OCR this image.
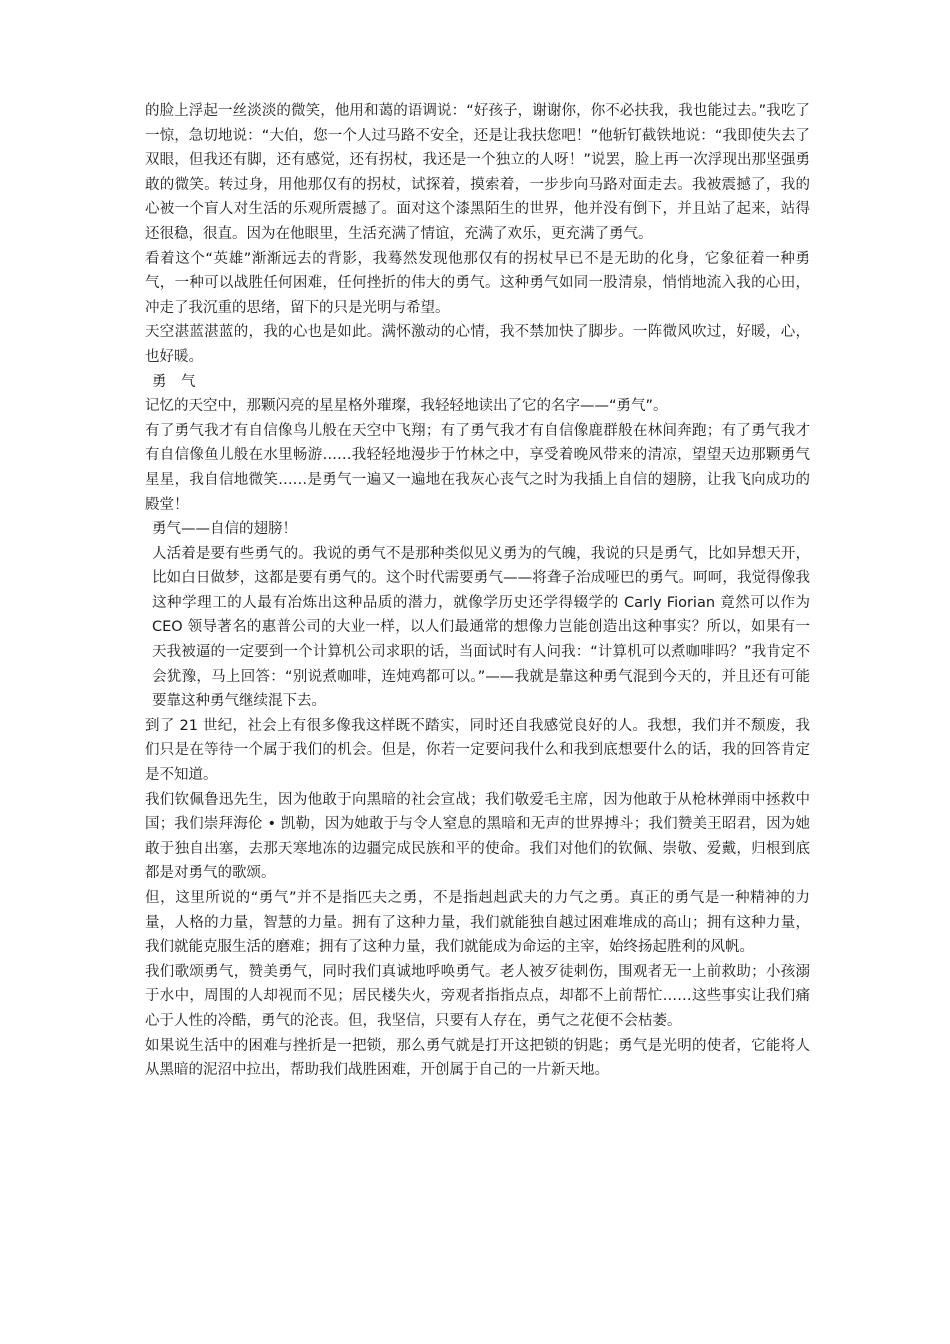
的脸上浮起一丝淡淡的微笑，他用和蔼的语调说：“好孩子，谢谢你，你不必扶我，我也能过去。”我吃了一惊，急切地说：“大伯，您一个人过马路不安全，还是让我扶您吧！”他斩钉截铁地说：“我即使失去了双眼，但我还有脚，还有感觉，还有拐杖，我还是一个独立的人呀！”说罢，脸上再一次浮现出那坚强勇敢的微笑。转过身，用他那仅有的拐杖，试探着，摸索着，一步步向马路对面走去。我被震撼了，我的心被一个盲人对生活的乐观所震撼了。面对这个漆黑陌生的世界，他并没有倒下，并且站了起来，站得还很稳，很直。因为在他眼里，生活充满了情谊，充满了欢乐，更充满了勇气。

看着这个“英雄”渐渐远去的背影，我蓦然发现他那仅有的拐杖早已不是无助的化身，它象征着一种勇气，一种可以战胜任何困难，任何挫折的伟大的勇气。这种勇气如同一股清泉，悄悄地流入我的心田，冲走了我沉重的思绪，留下的只是光明与希望。

天空湛蓝湛蓝的，我的心也是如此。满怀激动的心情，我不禁加快了脚步。一阵微风吹过，好暖，心，也好暖。

勇　气

记忆的天空中，那颗闪亮的星星格外璀璨，我轻轻地读出了它的名字——“勇气”。

有了勇气我才有自信像鸟儿般在天空中飞翔；有了勇气我才有自信像鹿群般在林间奔跑；有了勇气我才有自信像鱼儿般在水里畅游……我轻轻地漫步于竹林之中，享受着晚风带来的清凉，望望天边那颗勇气星星，我自信地微笑……是勇气一遍又一遍地在我灰心丧气之时为我插上自信的翅膀，让我飞向成功的殿堂！

勇气——自信的翅膀！

人活着是要有些勇气的。我说的勇气不是那种类似见义勇为的气魄，我说的只是勇气，比如异想天开，比如白日做梦，这都是要有勇气的。这个时代需要勇气——将聋子治成哑巴的勇气。呵呵，我觉得像我这种学理工的人最有冶炼出这种品质的潜力，就像学历史还学得辍学的 Carly Fiorian 竟然可以作为 CEO 领导著名的惠普公司的大业一样，以人们最通常的想像力岂能创造出这种事实？所以，如果有一天我被逼的一定要到一个计算机公司求职的话，当面试时有人问我：“计算机可以煮咖啡吗？”我肯定不会犹豫，马上回答：“别说煮咖啡，连炖鸡都可以。”——我就是靠这种勇气混到今天的，并且还有可能要靠这种勇气继续混下去。

到了 21 世纪，社会上有很多像我这样既不踏实，同时还自我感觉良好的人。我想，我们并不颓废，我们只是在等待一个属于我们的机会。但是，你若一定要问我什么和我到底想要什么的话，我的回答肯定是不知道。

我们钦佩鲁迅先生，因为他敢于向黑暗的社会宣战；我们敬爱毛主席，因为他敢于从枪林弹雨中拯救中国；我们崇拜海伦 • 凯勒，因为她敢于与令人窒息的黑暗和无声的世界搏斗；我们赞美王昭君，因为她敢于独自出塞，去那天寒地冻的边疆完成民族和平的使命。我们对他们的钦佩、崇敬、爱戴，归根到底都是对勇气的歌颂。

但，这里所说的“勇气”并不是指匹夫之勇，不是指赳赳武夫的力气之勇。真正的勇气是一种精神的力量，人格的力量，智慧的力量。拥有了这种力量，我们就能独自越过困难堆成的高山；拥有这种力量，我们就能克服生活的磨难；拥有了这种力量，我们就能成为命运的主宰，始终扬起胜利的风帆。

我们歌颂勇气，赞美勇气，同时我们真诚地呼唤勇气。老人被歹徒刺伤，围观者无一上前救助；小孩溺于水中，周围的人却视而不见；居民楼失火，旁观者指指点点，却都不上前帮忙……这些事实让我们痛心于人性的冷酷，勇气的沦丧。但，我坚信，只要有人存在，勇气之花便不会枯萎。

如果说生活中的困难与挫折是一把锁，那么勇气就是打开这把锁的钥匙；勇气是光明的使者，它能将人从黑暗的泥沼中拉出，帮助我们战胜困难，开创属于自己的一片新天地。
